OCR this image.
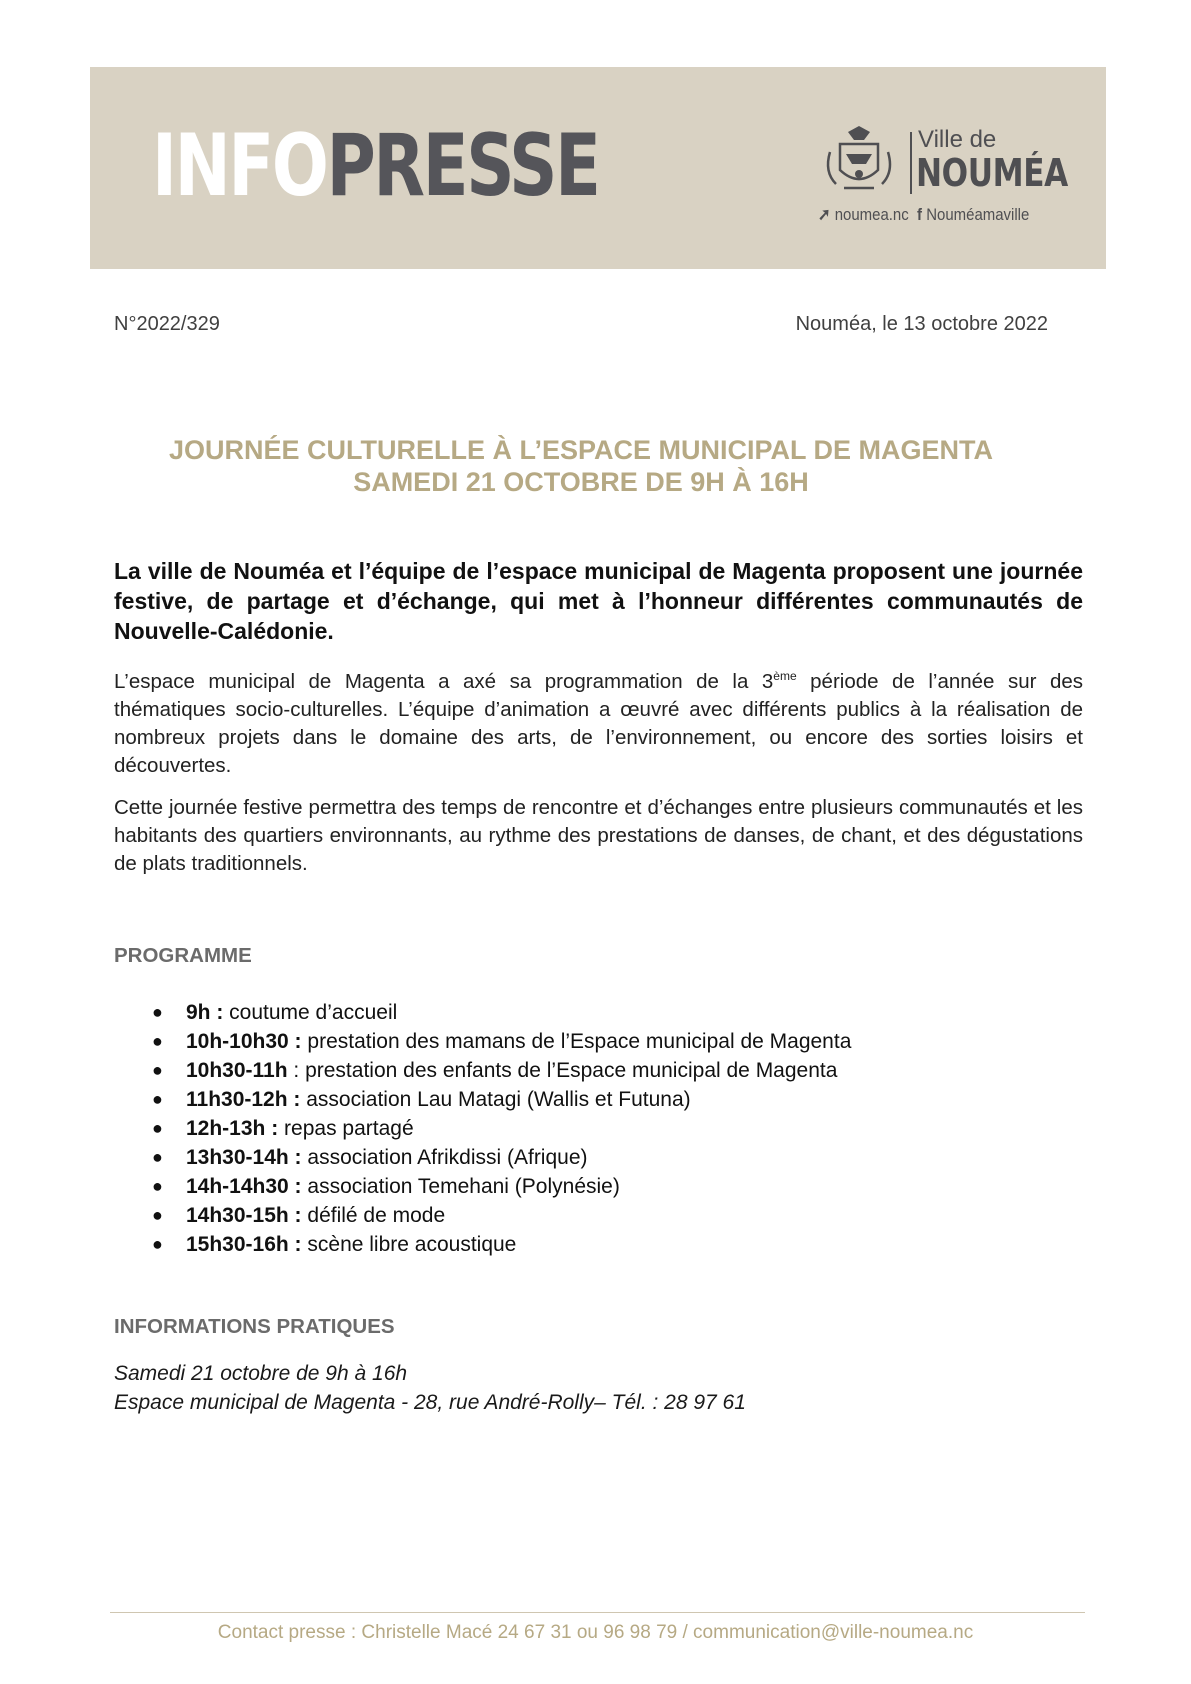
INFOPRESSE	Ville de
NOUMÉA
➚ noumea.nc  f Nouméamaville
N°2022/329	Nouméa, le 13 octobre 2022
JOURNÉE CULTURELLE À L’ESPACE MUNICIPAL DE MAGENTA
SAMEDI 21 OCTOBRE DE 9H À 16H
La ville de Nouméa et l’équipe de l’espace municipal de Magenta proposent une journée festive, de partage et d’échange, qui met à l’honneur différentes communautés de Nouvelle-Calédonie.
L’espace municipal de Magenta a axé sa programmation de la 3ème période de l’année sur des thématiques socio-culturelles. L’équipe d’animation a œuvré avec différents publics à la réalisation de nombreux projets dans le domaine des arts, de l’environnement, ou encore des sorties loisirs et découvertes.
Cette journée festive permettra des temps de rencontre et d’échanges entre plusieurs communautés et les habitants des quartiers environnants, au rythme des prestations de danses, de chant, et des dégustations de plats traditionnels.
PROGRAMME
● 9h : coutume d’accueil
● 10h-10h30 : prestation des mamans de l’Espace municipal de Magenta
● 10h30-11h : prestation des enfants de l’Espace municipal de Magenta
● 11h30-12h : association Lau Matagi (Wallis et Futuna)
● 12h-13h : repas partagé
● 13h30-14h : association Afrikdissi (Afrique)
● 14h-14h30 : association Temehani (Polynésie)
● 14h30-15h : défilé de mode
● 15h30-16h : scène libre acoustique
INFORMATIONS PRATIQUES
Samedi 21 octobre de 9h à 16h
Espace municipal de Magenta - 28, rue André-Rolly– Tél. : 28 97 61
Contact presse : Christelle Macé 24 67 31 ou 96 98 79 / communication@ville-noumea.nc
